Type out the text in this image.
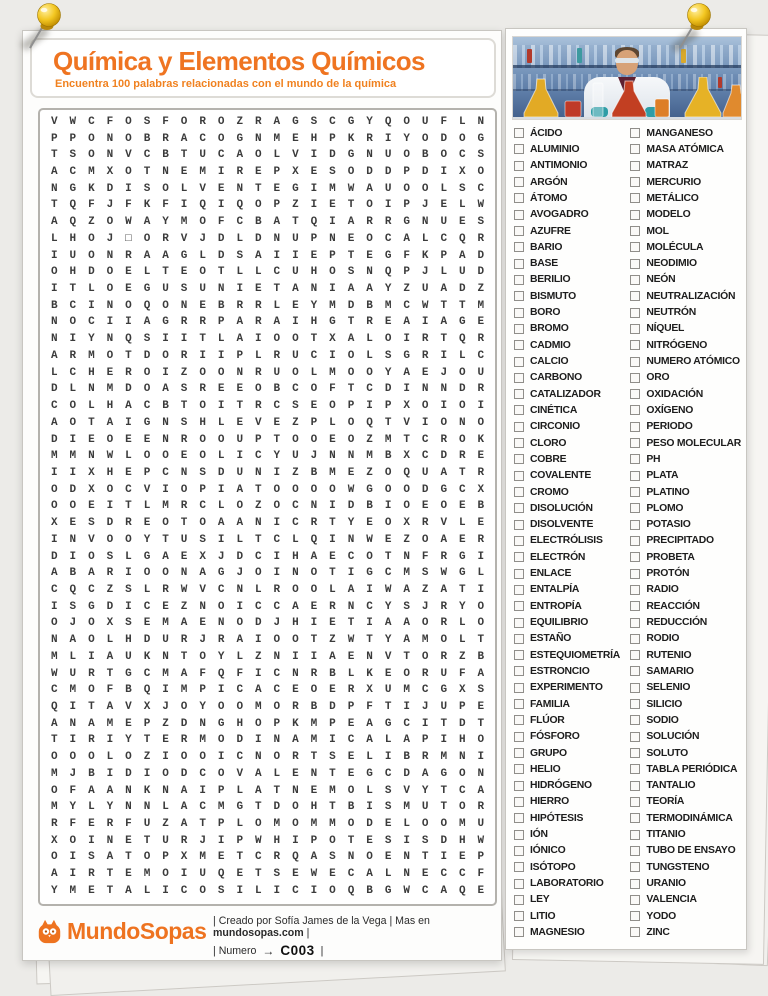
Química y Elementos Químicos
Encuentra 100 palabras relacionadas con el mundo de la química
V	W	C	F	O	S	F	O	R	O	Z	R	A	G	S	C	G	Y	Q	O	U	F	L	N
P	P	O	N	O	B	R	A	C	O	G	N	M	E	H	P	K	R	I	Y	O	D	O	G
T	S	O	N	V	C	B	T	U	C	A	O	L	V	I	D	G	N	U	O	B	O	C	S
A	C	M	X	O	T	N	E	M	I	R	E	P	X	E	S	O	D	D	P	D	I	X	O
N	G	K	D	I	S	O	L	V	E	N	T	E	G	I	M	W	A	U	O	O	L	S	C
T	Q	F	J	F	K	F	I	Q	I	Q	O	P	Z	I	E	T	O	I	P	J	E	L	W
A	Q	Z	O	W	A	Y	M	O	F	C	B	A	T	Q	I	A	R	R	G	N	U	E	S
L	H	O	J	□	O	R	V	J	D	L	D	N	U	P	N	E	O	C	A	L	C	Q	R
I	U	O	N	R	A	A	G	L	D	S	A	I	I	E	P	T	E	G	F	K	P	A	D
O	H	D	O	E	L	T	E	O	T	L	L	C	U	H	O	S	N	Q	P	J	L	U	D
I	T	L	O	E	G	U	S	U	N	I	E	T	A	N	I	A	A	Y	Z	U	A	D	Z
B	C	I	N	O	Q	O	N	E	B	R	R	L	E	Y	M	D	B	M	C	W	T	T	M
N	O	C	I	I	A	G	R	R	P	A	R	A	I	H	G	T	R	E	A	I	A	G	E
N	I	Y	N	Q	S	I	I	T	L	A	I	O	O	T	X	A	L	O	I	R	T	Q	R
A	R	M	O	T	D	O	R	I	I	P	L	R	U	C	I	O	L	S	G	R	I	L	C
L	C	H	E	R	O	I	Z	O	O	N	R	U	O	L	M	O	O	Y	A	E	J	O	U
D	L	N	M	D	O	A	S	R	E	E	O	B	C	O	F	T	C	D	I	N	N	D	R
C	O	L	H	A	C	B	T	O	I	T	R	C	S	E	O	P	I	P	X	O	I	O	I
A	O	T	A	I	G	N	S	H	L	E	V	E	Z	P	L	O	Q	T	V	I	O	N	O
D	I	E	O	E	E	N	R	O	O	U	P	T	O	O	E	O	Z	M	T	C	R	O	K
M	M	N	W	L	O	O	E	O	L	I	C	Y	U	J	N	N	M	B	X	C	D	R	E
I	I	X	H	E	P	C	N	S	D	U	N	I	Z	B	M	E	Z	O	Q	U	A	T	R
O	D	X	O	C	V	I	O	P	I	A	T	O	O	O	O	W	G	O	O	D	G	C	X
O	O	E	I	T	L	M	R	C	L	O	Z	O	C	N	I	D	B	I	O	E	O	E	B
X	E	S	D	R	E	O	T	O	A	A	N	I	C	R	T	Y	E	O	X	R	V	L	E
I	N	V	O	O	Y	T	U	S	I	L	T	C	L	Q	I	N	W	E	Z	O	A	E	R
D	I	O	S	L	G	A	E	X	J	D	C	I	H	A	E	C	O	T	N	F	R	G	I
A	B	A	R	I	O	O	N	A	G	J	O	I	N	O	T	I	G	C	M	S	W	G	L
C	Q	C	Z	S	L	R	W	V	C	N	L	R	O	O	L	A	I	W	A	Z	A	T	I
I	S	G	D	I	C	E	Z	N	O	I	C	C	A	E	R	N	C	Y	S	J	R	Y	O
O	J	O	X	S	E	M	A	E	N	O	D	J	H	I	E	T	I	A	A	O	R	L	O
N	A	O	L	H	D	U	R	J	R	A	I	O	O	T	Z	W	T	Y	A	M	O	L	T
M	L	I	A	U	K	N	T	O	Y	L	Z	N	I	I	A	E	N	V	T	O	R	Z	B
W	U	R	T	G	C	M	A	F	Q	F	I	C	N	R	B	L	K	E	O	R	U	F	A
C	M	O	F	B	Q	I	M	P	I	C	A	C	E	O	E	R	X	U	M	C	G	X	S
Q	I	T	A	V	X	J	O	Y	O	O	M	O	R	B	D	P	F	T	I	J	U	P	E
A	N	A	M	E	P	Z	D	N	G	H	O	P	K	M	P	E	A	G	C	I	T	D	T
T	I	R	I	Y	T	E	R	M	O	D	I	N	A	M	I	C	A	L	A	P	I	H	O
O	O	O	L	O	Z	I	O	O	I	C	N	O	R	T	S	E	L	I	B	R	M	N	I
M	J	B	I	D	I	O	D	C	O	V	A	L	E	N	T	E	G	C	D	A	G	O	N
O	F	A	A	N	K	N	A	I	P	L	A	T	N	E	M	O	L	S	V	Y	T	C	A
M	Y	L	Y	N	N	L	A	C	M	G	T	D	O	H	T	B	I	S	M	U	T	O	R
R	F	E	R	F	U	Z	A	T	P	L	O	M	O	M	M	O	D	E	L	O	O	M	U
X	O	I	N	E	T	U	R	J	I	P	W	H	I	P	O	T	E	S	I	S	D	H	W
O	I	S	A	T	O	P	X	M	E	T	C	R	Q	A	S	N	O	E	N	T	I	E	P
A	I	R	T	E	M	O	I	U	Q	E	T	S	E	W	E	C	A	L	N	E	C	C	F
Y	M	E	T	A	L	I	C	O	S	I	L	I	C	I	O	Q	B	G	W	C	A	Q	E
MundoSopas | Creado por Sofía James de la Vega | Mas en mundosopas.com |
| Numero → C003 |
ÁCIDO
ALUMINIO
ANTIMONIO
ARGÓN
ÁTOMO
AVOGADRO
AZUFRE
BARIO
BASE
BERILIO
BISMUTO
BORO
BROMO
CADMIO
CALCIO
CARBONO
CATALIZADOR
CINÉTICA
CIRCONIO
CLORO
COBRE
COVALENTE
CROMO
DISOLUCIÓN
DISOLVENTE
ELECTRÓLISIS
ELECTRÓN
ENLACE
ENTALPÍA
ENTROPÍA
EQUILIBRIO
ESTAÑO
ESTEQUIOMETRÍA
ESTRONCIO
EXPERIMENTO
FAMILIA
FLÚOR
FÓSFORO
GRUPO
HELIO
HIDRÓGENO
HIERRO
HIPÓTESIS
IÓN
IÓNICO
ISÓTOPO
LABORATORIO
LEY
LITIO
MAGNESIO
MANGANESO
MASA ATÓMICA
MATRAZ
MERCURIO
METÁLICO
MODELO
MOL
MOLÉCULA
NEODIMIO
NEÓN
NEUTRALIZACIÓN
NEUTRÓN
NÍQUEL
NITRÓGENO
NUMERO ATÓMICO
ORO
OXIDACIÓN
OXÍGENO
PERIODO
PESO MOLECULAR
PH
PLATA
PLATINO
PLOMO
POTASIO
PRECIPITADO
PROBETA
PROTÓN
RADIO
REACCIÓN
REDUCCIÓN
RODIO
RUTENIO
SAMARIO
SELENIO
SILICIO
SODIO
SOLUCIÓN
SOLUTO
TABLA PERIÓDICA
TANTALIO
TEORÍA
TERMODINÁMICA
TITANIO
TUBO DE ENSAYO
TUNGSTENO
URANIO
VALENCIA
YODO
ZINC
